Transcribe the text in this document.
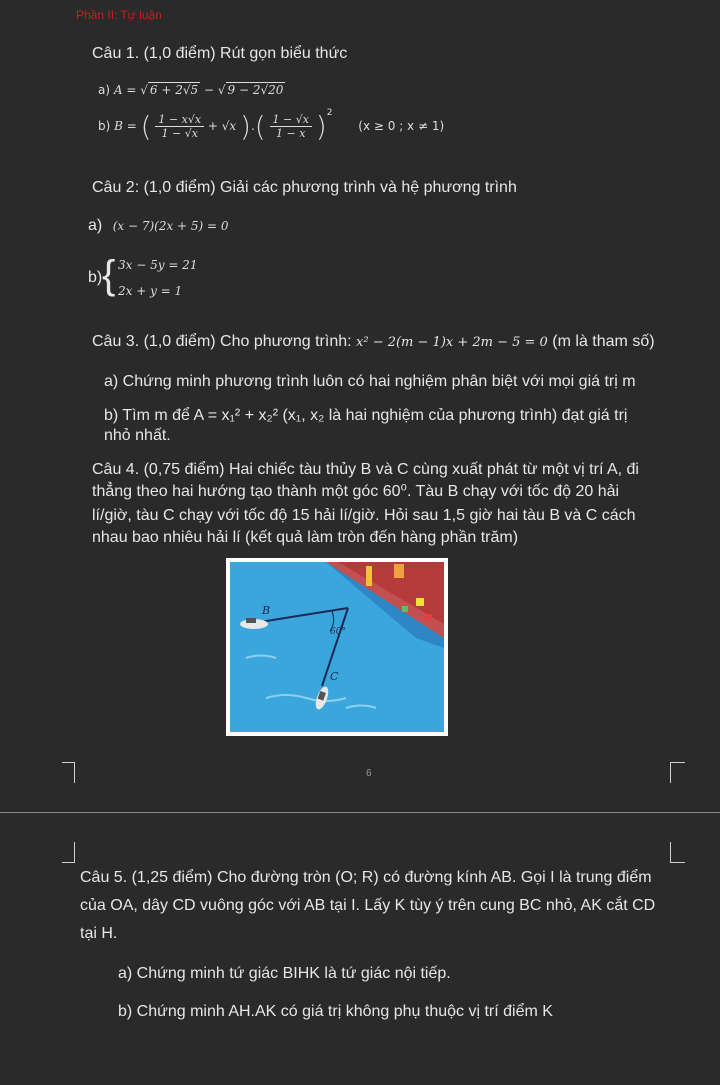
Phần II: Tự luận
Câu 1. (1,0 điểm) Rút gọn biểu thức
a) A = √ 6 + 2√5 − √ 9 − 2√20
b) B = ( $\frac{1 - x√x}{1 - √x} + √x$ ).( $\frac{1 - √x}{1 - x} )^2$ (x ≥ 0 ; x ≠ 1)
Câu 2: (1,0 điểm) Giải các phương trình và hệ phương trình
a) (x − 7)(2x + 5) = 0
b) { 3x − 5y = 21
2x + y = 1
Câu 3. (1,0 điểm) Cho phương trình: x² − 2(m − 1)x + 2m − 5 = 0 (m là tham số)
a) Chứng minh phương trình luôn có hai nghiệm phân biệt với mọi giá trị m
b) Tìm m để A = x₁² + x₂² (x₁, x₂ là hai nghiệm của phương trình) đạt giá trị
nhỏ nhất.
Câu 4. (0,75 điểm) Hai chiếc tàu thủy B và C cùng xuất phát từ một vị trí A, đi
thẳng theo hai hướng tạo thành một góc 60⁰. Tàu B chạy với tốc độ 20 hải
lí/giờ, tàu C chạy với tốc độ 15 hải lí/giờ. Hỏi sau 1,5 giờ hai tàu B và C cách
nhau bao nhiêu hải lí (kết quả làm tròn đến hàng phần trăm)
B
C
60°
6
Câu 5. (1,25 điểm) Cho đường tròn (O; R) có đường kính AB. Gọi I là trung điểm
của OA, dây CD vuông góc với AB tại I. Lấy K tùy ý trên cung BC nhỏ, AK cắt CD
tại H.
a) Chứng minh tứ giác BIHK là tứ giác nội tiếp.
b) Chứng minh AH.AK có giá trị không phụ thuộc vị trí điểm K
